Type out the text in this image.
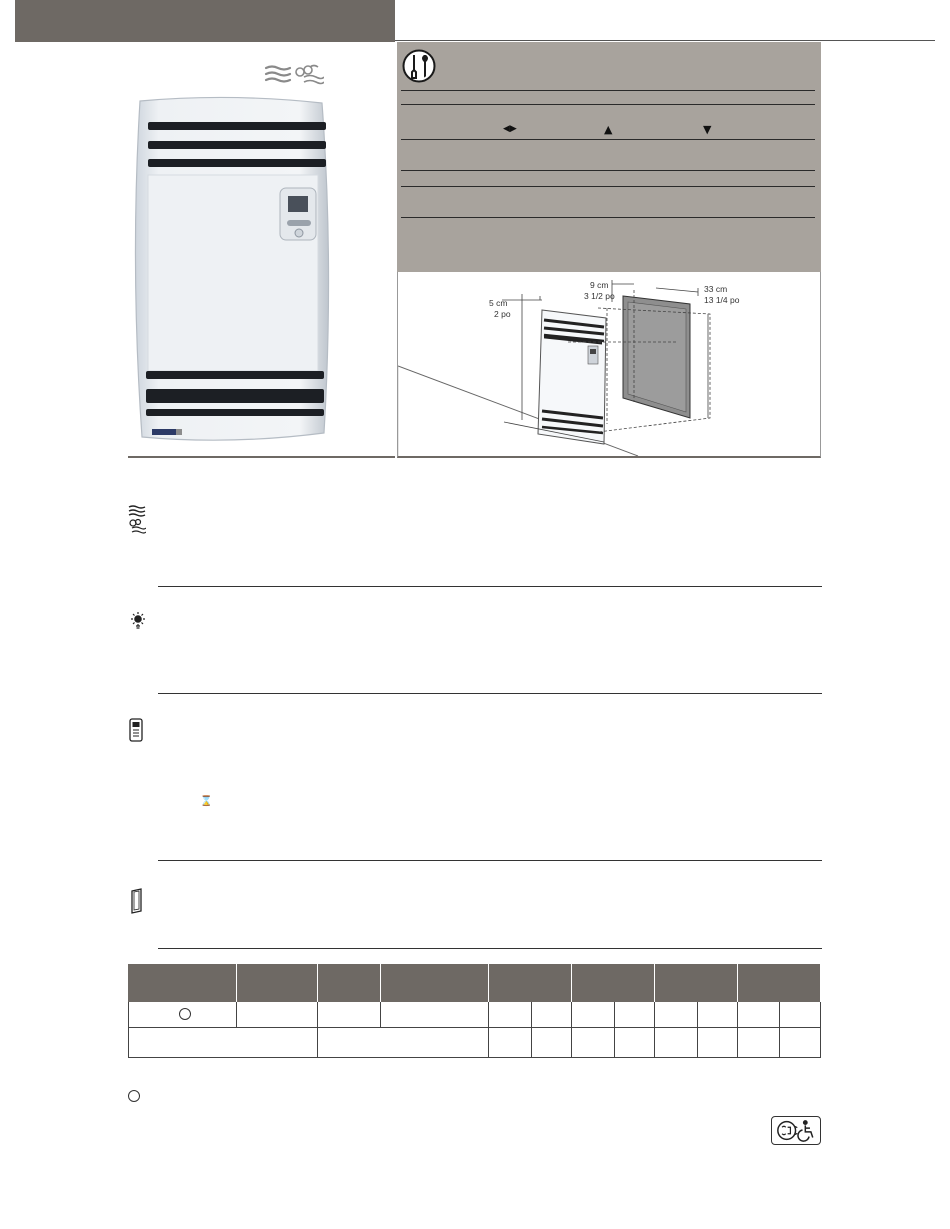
◀▶	▲	▼
5 cm
2 po
9 cm
3 1/2 po
33 cm
13 1/4 po
⌛
